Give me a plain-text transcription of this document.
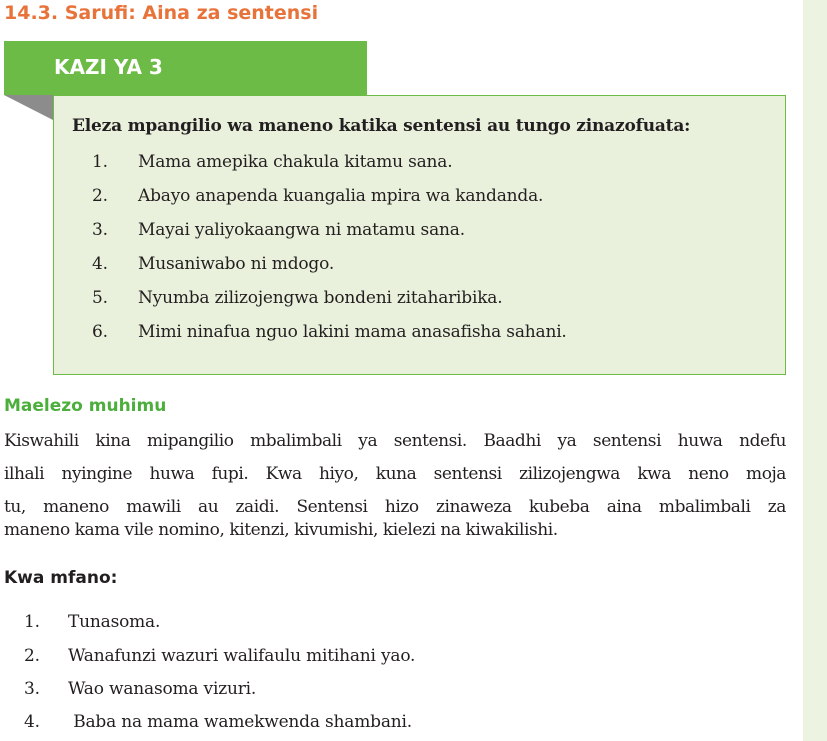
14.3. Sarufi: Aina za sentensi
KAZI YA 3

Eleza mpangilio wa maneno katika sentensi au tungo zinazofuata:

1. Mama amepika chakula kitamu sana.
2. Abayo anapenda kuangalia mpira wa kandanda.
3. Mayai yaliyokaangwa ni matamu sana.
4. Musaniwabo ni mdogo.
5. Nyumba zilizojengwa bondeni zitaharibika.
6. Mimi ninafua nguo lakini mama anasafisha sahani.
Maelezo muhimu
Kiswahili kina mipangilio mbalimbali ya sentensi. Baadhi ya sentensi huwa ndefu
ilhali nyingine huwa fupi. Kwa hiyo, kuna sentensi zilizojengwa kwa neno moja
tu, maneno mawili au zaidi. Sentensi hizo zinaweza kubeba aina mbalimbali za
maneno kama vile nomino, kitenzi, kivumishi, kielezi na kiwakilishi.
Kwa mfano:
1. Tunasoma.
2. Wanafunzi wazuri walifaulu mitihani yao.
3. Wao wanasoma vizuri.
4. Baba na mama wamekwenda shambani.
